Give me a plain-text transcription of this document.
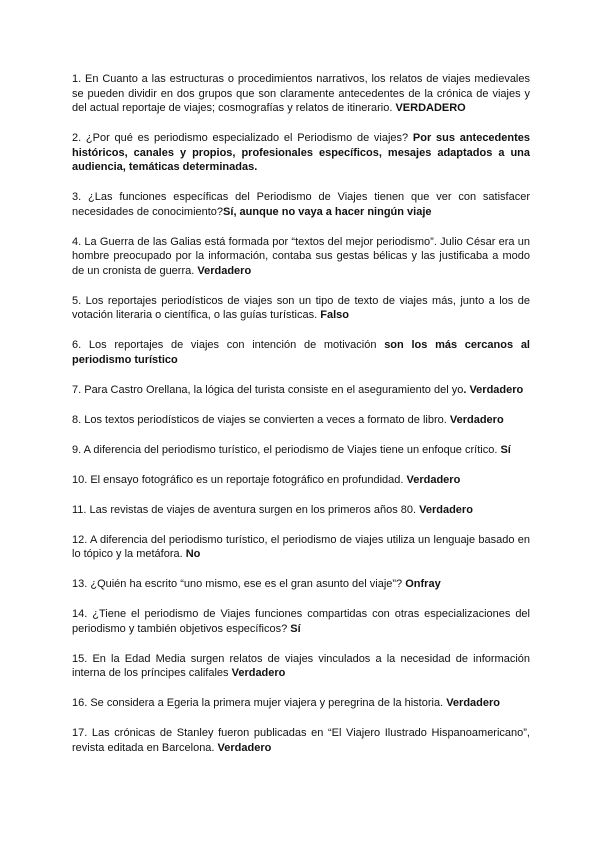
1. En Cuanto a las estructuras o procedimientos narrativos, los relatos de viajes medievales se pueden dividir en dos grupos que son claramente antecedentes de la crónica de viajes y del actual reportaje de viajes; cosmografías y relatos de itinerario. VERDADERO

2. ¿Por qué es periodismo especializado el Periodismo de viajes? Por sus antecedentes históricos, canales y propios, profesionales específicos, mesajes adaptados a una audiencia, temáticas determinadas.

3. ¿Las funciones específicas del Periodismo de Viajes tienen que ver con satisfacer necesidades de conocimiento?Sí, aunque no vaya a hacer ningún viaje

4. La Guerra de las Galias está formada por “textos del mejor periodismo”. Julio César era un hombre preocupado por la información, contaba sus gestas bélicas y las justificaba a modo de un cronista de guerra. Verdadero

5. Los reportajes periodísticos de viajes son un tipo de texto de viajes más, junto a los de votación literaria o científica, o las guías turísticas. Falso

6. Los reportajes de viajes con intención de motivación son los más cercanos al periodismo turístico

7. Para Castro Orellana, la lógica del turista consiste en el aseguramiento del yo. Verdadero

8. Los textos periodísticos de viajes se convierten a veces a formato de libro. Verdadero

9. A diferencia del periodismo turístico, el periodismo de Viajes tiene un enfoque crítico. Sí

10. El ensayo fotográfico es un reportaje fotográfico en profundidad. Verdadero

11. Las revistas de viajes de aventura surgen en los primeros años 80. Verdadero

12. A diferencia del periodismo turístico, el periodismo de viajes utiliza un lenguaje basado en lo tópico y la metáfora. No

13. ¿Quién ha escrito “uno mismo, ese es el gran asunto del viaje”? Onfray

14. ¿Tiene el periodismo de Viajes funciones compartidas con otras especializaciones del periodismo y también objetivos específicos? Sí

15. En la Edad Media surgen relatos de viajes vinculados a la necesidad de información interna de los príncipes califales Verdadero

16. Se considera a Egeria la primera mujer viajera y peregrina de la historia. Verdadero

17. Las crónicas de Stanley fueron publicadas en “El Viajero Ilustrado Hispanoamericano”, revista editada en Barcelona. Verdadero
